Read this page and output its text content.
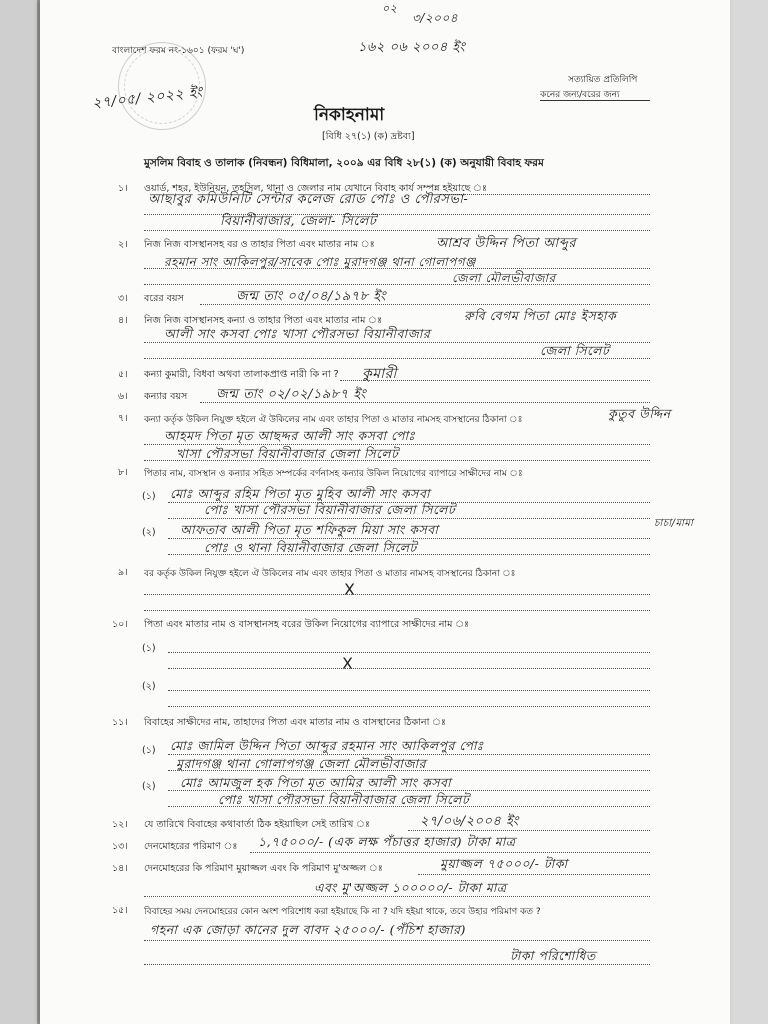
০২
৩/২০০৪
১৬২ ০৬ ২০০৪ ইং
বাংলাদেশ ফরম নং-১৬০১ (ফরম 'ঘ')
২৭/০৫/ ২০২২ ইং
সত্যায়িত প্রতিলিপি
কনের জন্য/বরের জন্য
নিকাহনামা
[বিধি ২৭(১) (ক) দ্রষ্টব্য]
মুসলিম বিবাহ ও তালাক (নিবন্ধন) বিধিমালা, ২০০৯ এর বিধি ২৮(১) (ক) অনুযায়ী বিবাহ ফরম
১। ওয়ার্ড, শহর, ইউনিয়ন, তহসিল, থানা ও জেলার নাম যেখানে বিবাহ কার্য সম্পন্ন হইয়াছে ঃ
আছাবুর কমিউনিটি সেন্টার কলেজ রোড পোঃ ও পৌরসভা-
বিয়ানীবাজার, জেলা- সিলেট
২। নিজ নিজ বাসস্থানসহ বর ও তাহার পিতা এবং মাতার নাম ঃ	আশ্রব উদ্দিন পিতা আব্দুর
রহমান সাং আকিলপুর/সাবেক পোঃ মুরাদগঞ্জ থানা গোলাপগঞ্জ
জেলা মৌলভীবাজার
৩। বরের বয়স	জন্ম তাং ০৫/০৪/১৯৭৮ ইং
৪। নিজ নিজ বাসস্থানসহ কন্যা ও তাহার পিতা এবং মাতার নাম ঃ	রুবি বেগম পিতা মোঃ ইসহাক
আলী সাং কসবা পোঃ খাসা পৌরসভা বিয়ানীবাজার
জেলা সিলেট
৫। কন্যা কুমারী, বিধবা অথবা তালাকপ্রাপ্ত নারী কি না ? কুমারী
৬। কন্যার বয়স জন্ম তাং ০২/০২/১৯৮৭ ইং
৭। কন্যা কর্তৃক উকিল নিযুক্ত হইলে ঐ উকিলের নাম এবং তাহার পিতা ও মাতার নামসহ বাসস্থানের ঠিকানা ঃ	কুতুব উদ্দিন
আহমদ পিতা মৃত আছদ্দর আলী সাং কসবা পোঃ
খাসা পৌরসভা বিয়ানীবাজার জেলা সিলেট
৮। পিতার নাম, বাসস্থান ও কন্যার সহিত সম্পর্কের বর্ণনাসহ কন্যার উকিল নিয়োগের ব্যাপারে সাক্ষীদের নাম ঃ
(১) মোঃ আব্দুর রহিম পিতা মৃত মুহিব আলী সাং কসবা
পোঃ খাসা পৌরসভা বিয়ানীবাজার জেলা সিলেট
(২) আফতাব আলী পিতা মৃত শফিকুল মিয়া সাং কসবা	চাচা/মামা
পোঃ ও থানা বিয়ানীবাজার জেলা সিলেট
৯। বর কর্তৃক উকিল নিযুক্ত হইলে ঐ উকিলের নাম এবং তাহার পিতা ও মাতার নামসহ বাসস্থানের ঠিকানা ঃ
X
১০। পিতা এবং মাতার নাম ও বাসস্থানসহ বরের উকিল নিয়োগের ব্যাপারে সাক্ষীদের নাম ঃ
(১)
X
(২)
১১। বিবাহের সাক্ষীদের নাম, তাহাদের পিতা এবং মাতার নাম ও বাসস্থানের ঠিকানা ঃ
(১) মোঃ জামিল উদ্দিন পিতা আব্দুর রহমান সাং আকিলপুর পোঃ
মুরাদগঞ্জ থানা গোলাপগঞ্জ জেলা মৌলভীবাজার
(২) মোঃ আমজুল হক পিতা মৃত আমির আলী সাং কসবা
পোঃ খাসা পৌরসভা বিয়ানীবাজার জেলা সিলেট
১২। যে তারিখে বিবাহের কথাবার্তা ঠিক হইয়াছিল সেই তারিখ ঃ	২৭/০৬/২০০৪ ইং
১৩। দেনমোহরের পরিমাণ ঃ ১,৭৫০০০/- (এক লক্ষ পঁচাত্তর হাজার) টাকা মাত্র
১৪। দেনমোহরের কি পরিমাণ মুয়াজ্জল এবং কি পরিমাণ মু'অজ্জল ঃ	মুয়াজ্জল ৭৫০০০/- টাকা
এবং মু'অজ্জল ১০০০০০/- টাকা মাত্র
১৫। বিবাহের সময় দেনমোহরের কোন অংশ পরিশোধ করা হইয়াছে কি না ? যদি হইয়া থাকে, তবে উহার পরিমাণ কত ?
গহনা এক জোড়া কানের দুল বাবদ ২৫০০০/- (পঁচিশ হাজার)
টাকা পরিশোধিত
